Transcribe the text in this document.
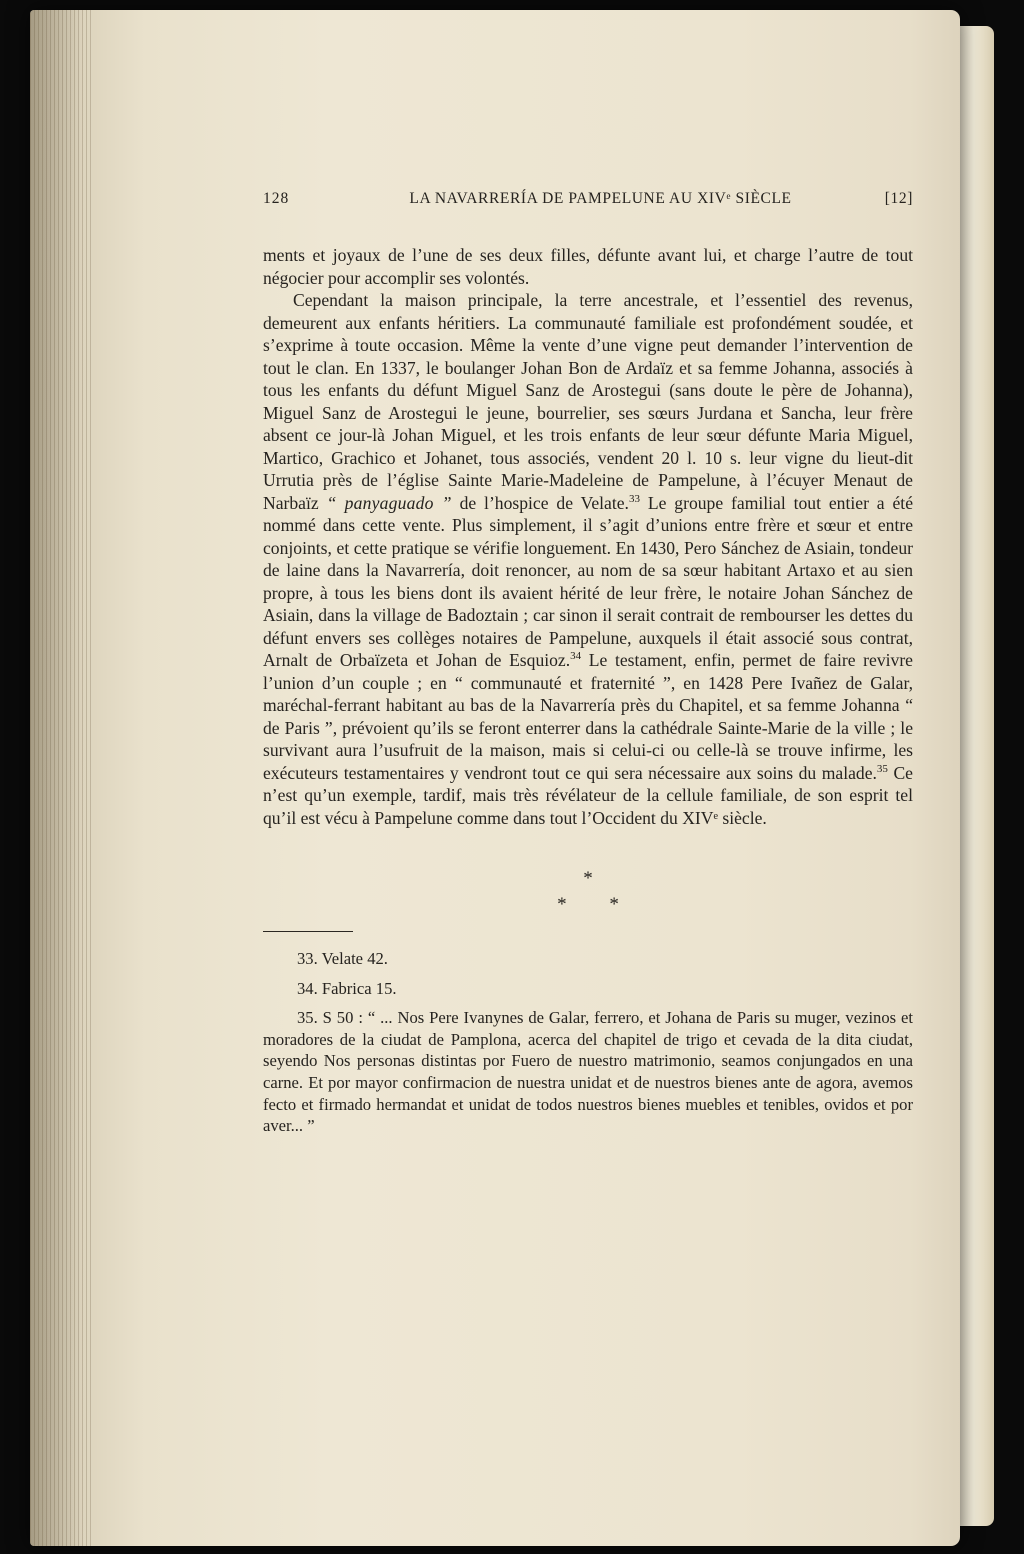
128	LA NAVARRERÍA DE PAMPELUNE AU XIVᵉ SIÈCLE	[12]

ments et joyaux de l’une de ses deux filles, défunte avant lui, et charge l’autre de tout négocier pour accomplir ses volontés.

Cependant la maison principale, la terre ancestrale, et l’essentiel des revenus, demeurent aux enfants héritiers. La communauté familiale est profondément soudée, et s’exprime à toute occasion. Même la vente d’une vigne peut demander l’intervention de tout le clan. En 1337, le boulanger Johan Bon de Ardaïz et sa femme Johanna, associés à tous les enfants du défunt Miguel Sanz de Arostegui (sans doute le père de Johanna), Miguel Sanz de Arostegui le jeune, bourrelier, ses sœurs Jurdana et Sancha, leur frère absent ce jour-là Johan Miguel, et les trois enfants de leur sœur défunte Maria Miguel, Martico, Grachico et Johanet, tous associés, vendent 20 l. 10 s. leur vigne du lieut-dit Urrutia près de l’église Sainte Marie-Madeleine de Pampelune, à l’écuyer Menaut de Narbaïz “ panyaguado ” de l’hospice de Velate.$^{33}$ Le groupe familial tout entier a été nommé dans cette vente. Plus simplement, il s’agit d’unions entre frère et sœur et entre conjoints, et cette pratique se vérifie longuement. En 1430, Pero Sánchez de Asiain, tondeur de laine dans la Navarrería, doit renoncer, au nom de sa sœur habitant Artaxo et au sien propre, à tous les biens dont ils avaient hérité de leur frère, le notaire Johan Sánchez de Asiain, dans la village de Badoztain ; car sinon il serait contrait de rembourser les dettes du défunt envers ses collèges notaires de Pampelune, auxquels il était associé sous contrat, Arnalt de Orbaïzeta et Johan de Esquioz.$^{34}$ Le testament, enfin, permet de faire revivre l’union d’un couple ; en “ communauté et fraternité ”, en 1428 Pere Ivañez de Galar, maréchal-ferrant habitant au bas de la Navarrería près du Chapitel, et sa femme Johanna “ de Paris ”, prévoient qu’ils se feront enterrer dans la cathédrale Sainte-Marie de la ville ; le survivant aura l’usufruit de la maison, mais si celui-ci ou celle-là se trouve infirme, les exécuteurs testamentaires y vendront tout ce qui sera nécessaire aux soins du malade.$^{35}$ Ce n’est qu’un exemple, tardif, mais très révélateur de la cellule familiale, de son esprit tel qu’il est vécu à Pampelune comme dans tout l’Occident du XIVᵉ siècle.

*
* *

33. Velate 42.

34. Fabrica 15.

35. S 50 : “ ... Nos Pere Ivanynes de Galar, ferrero, et Johana de Paris su muger, vezinos et moradores de la ciudat de Pamplona, acerca del chapitel de trigo et cevada de la dita ciudat, seyendo Nos personas distintas por Fuero de nuestro matrimonio, seamos conjungados en una carne. Et por mayor confirmacion de nuestra unidat et de nuestros bienes ante de agora, avemos fecto et firmado hermandat et unidat de todos nuestros bienes muebles et tenibles, ovidos et por aver... ”
